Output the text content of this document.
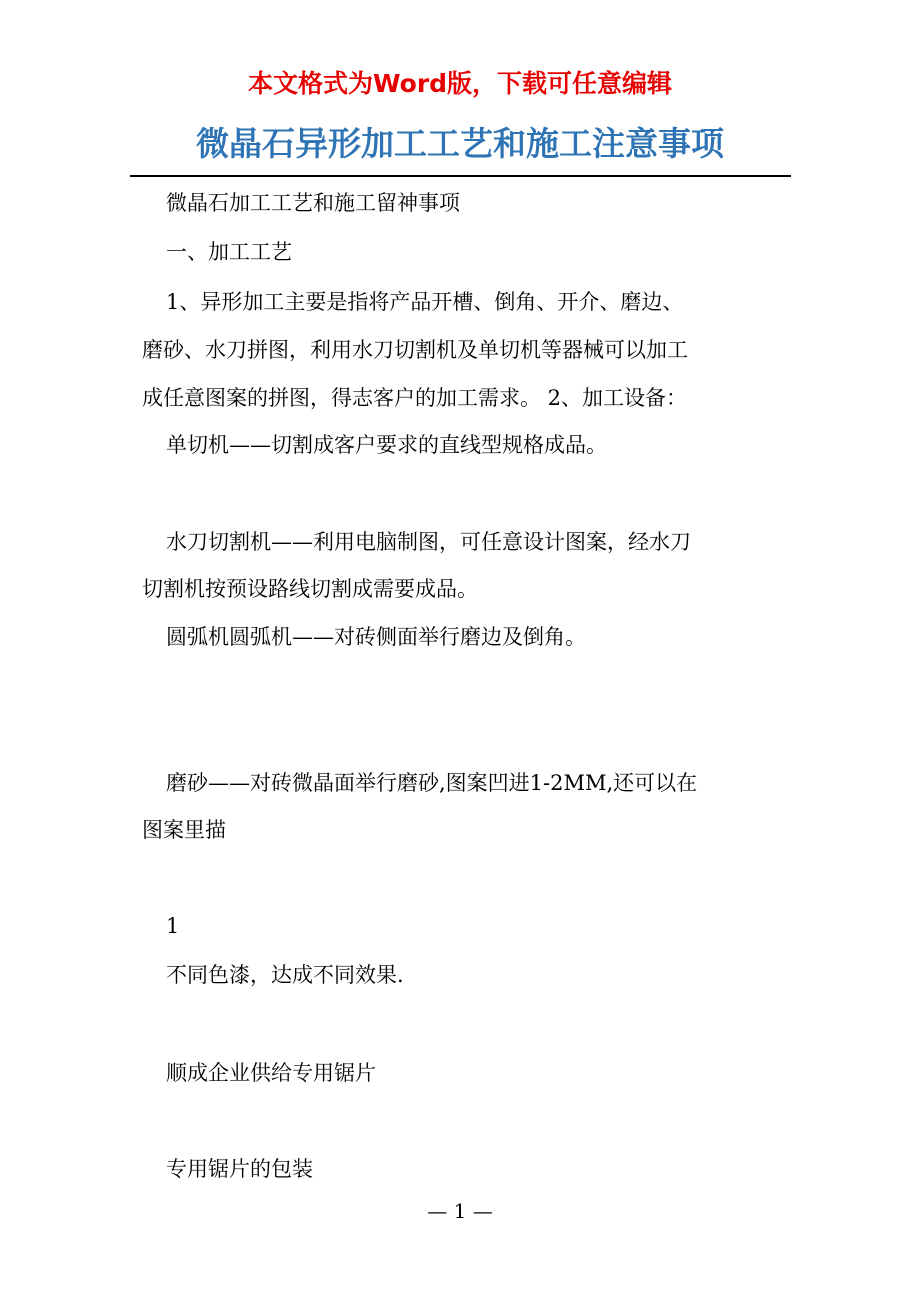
本文格式为Word版，下载可任意编辑
微晶石异形加工工艺和施工注意事项
微晶石加工工艺和施工留神事项
一、加工工艺
1、异形加工主要是指将产品开槽、倒角、开介、磨边、
磨砂、水刀拼图，利用水刀切割机及单切机等器械可以加工
成任意图案的拼图，得志客户的加工需求。 2、加工设备：
单切机——切割成客户要求的直线型规格成品。
水刀切割机——利用电脑制图，可任意设计图案，经水刀
切割机按预设路线切割成需要成品。
圆弧机圆弧机——对砖侧面举行磨边及倒角。
磨砂——对砖微晶面举行磨砂,图案凹进1-2MM,还可以在
图案里描
1
不同色漆，达成不同效果.
顺成企业供给专用锯片
专用锯片的包装
— 1 —
